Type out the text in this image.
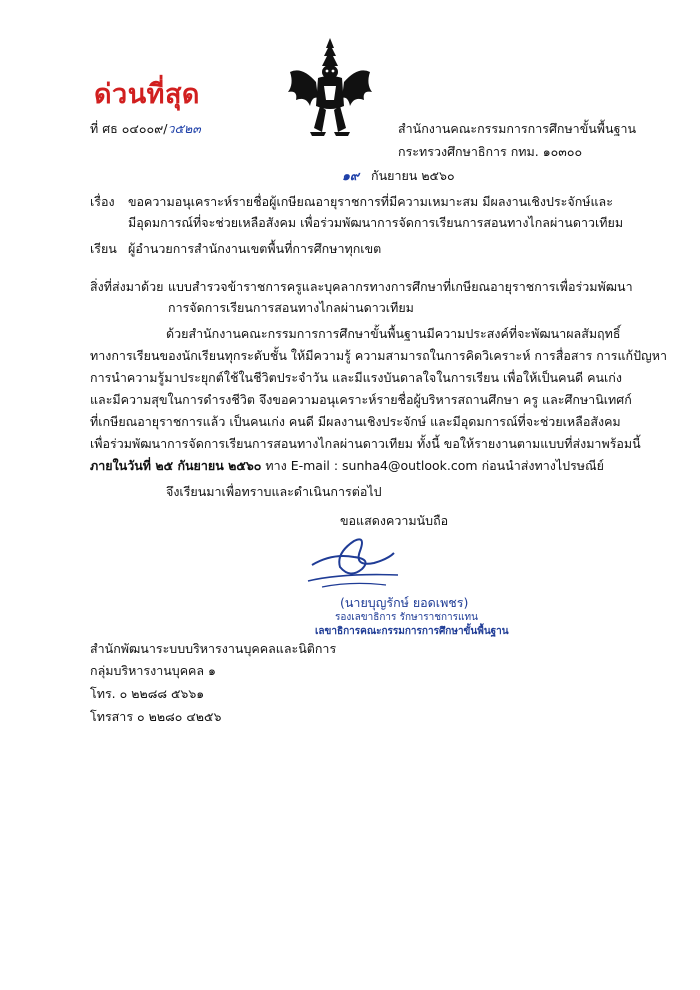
ด่วนที่สุด
ที่ ศธ ๐๔๐๐๙/ว๕๒๓	สำนักงานคณะกรรมการการศึกษาขั้นพื้นฐาน
กระทรวงศึกษาธิการ กทม. ๑๐๓๐๐
๑๙ กันยายน ๒๕๖๐
เรื่อง ขอความอนุเคราะห์รายชื่อผู้เกษียณอายุราชการที่มีความเหมาะสม มีผลงานเชิงประจักษ์และ
มีอุดมการณ์ที่จะช่วยเหลือสังคม เพื่อร่วมพัฒนาการจัดการเรียนการสอนทางไกลผ่านดาวเทียม
เรียน ผู้อำนวยการสำนักงานเขตพื้นที่การศึกษาทุกเขต
สิ่งที่ส่งมาด้วย แบบสำรวจข้าราชการครูและบุคลากรทางการศึกษาที่เกษียณอายุราชการเพื่อร่วมพัฒนา
การจัดการเรียนการสอนทางไกลผ่านดาวเทียม
ด้วยสำนักงานคณะกรรมการการศึกษาขั้นพื้นฐานมีความประสงค์ที่จะพัฒนาผลสัมฤทธิ์
ทางการเรียนของนักเรียนทุกระดับชั้น ให้มีความรู้ ความสามารถในการคิดวิเคราะห์ การสื่อสาร การแก้ปัญหา
การนำความรู้มาประยุกต์ใช้ในชีวิตประจำวัน และมีแรงบันดาลใจในการเรียน เพื่อให้เป็นคนดี คนเก่ง
และมีความสุขในการดำรงชีวิต จึงขอความอนุเคราะห์รายชื่อผู้บริหารสถานศึกษา ครู และศึกษานิเทศก์
ที่เกษียณอายุราชการแล้ว เป็นคนเก่ง คนดี มีผลงานเชิงประจักษ์ และมีอุดมการณ์ที่จะช่วยเหลือสังคม
เพื่อร่วมพัฒนาการจัดการเรียนการสอนทางไกลผ่านดาวเทียม ทั้งนี้ ขอให้รายงานตามแบบที่ส่งมาพร้อมนี้
ภายในวันที่ ๒๕ กันยายน ๒๕๖๐ ทาง E-mail : sunha4@outlook.com ก่อนนำส่งทางไปรษณีย์
จึงเรียนมาเพื่อทราบและดำเนินการต่อไป
ขอแสดงความนับถือ
(นายบุญรักษ์ ยอดเพชร)
รองเลขาธิการ รักษาราชการแทน
เลขาธิการคณะกรรมการการศึกษาขั้นพื้นฐาน
สำนักพัฒนาระบบบริหารงานบุคคลและนิติการ
กลุ่มบริหารงานบุคคล ๑
โทร. ๐ ๒๒๘๘ ๕๖๖๑
โทรสาร ๐ ๒๒๘๐ ๔๒๕๖
